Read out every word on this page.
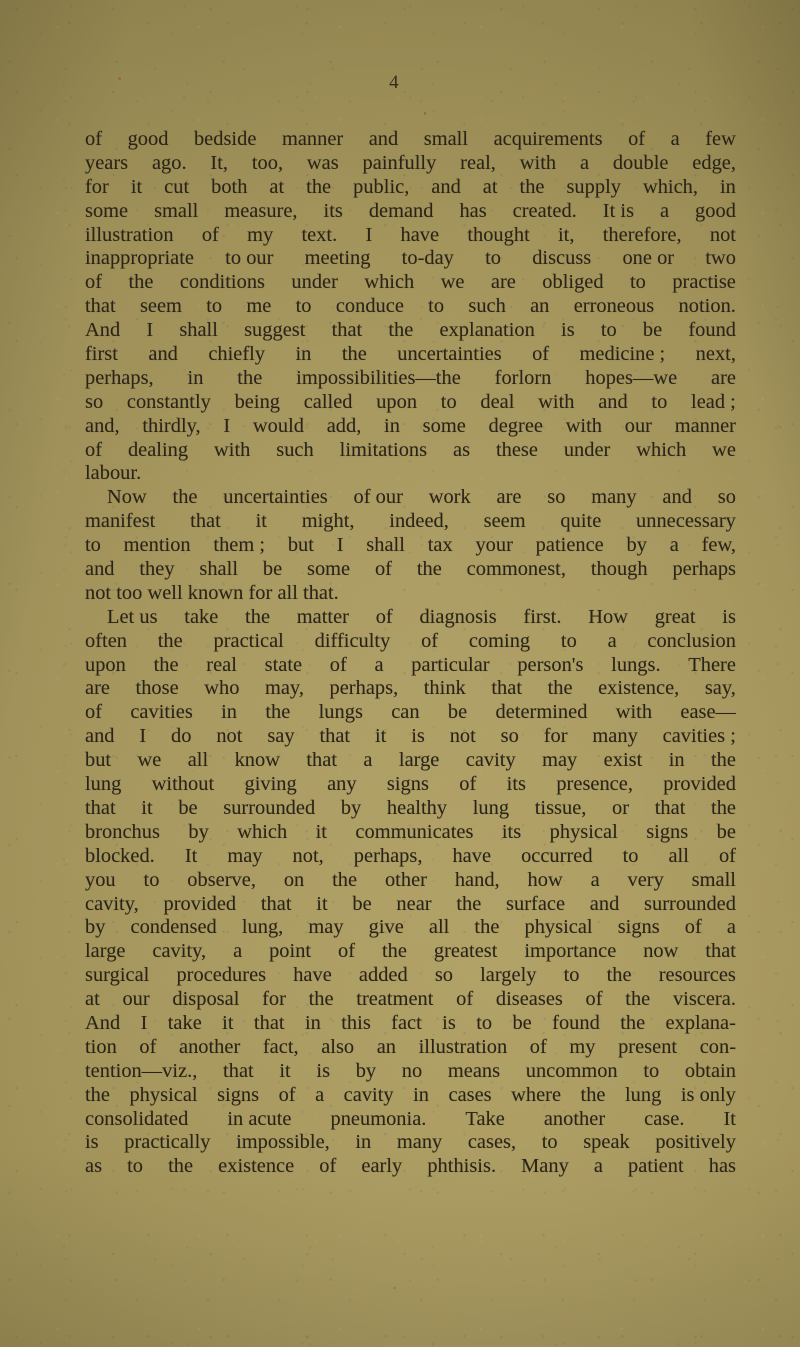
4
of good bedside manner and small acquirements of a few
years ago. It, too, was painfully real, with a double edge,
for it cut both at the public, and at the supply which, in
some small measure, its demand has created. It is a good
illustration of my text. I have thought it, therefore, not
inappropriate to our meeting to-day to discuss one or two
of the conditions under which we are obliged to practise
that seem to me to conduce to such an erroneous notion.
And I shall suggest that the explanation is to be found
first and chiefly in the uncertainties of medicine ; next,
perhaps, in the impossibilities—the forlorn hopes—we are
so constantly being called upon to deal with and to lead ;
and, thirdly, I would add, in some degree with our manner
of dealing with such limitations as these under which we
labour.
Now the uncertainties of our work are so many and so
manifest that it might, indeed, seem quite unnecessary
to mention them ; but I shall tax your patience by a few,
and they shall be some of the commonest, though perhaps
not too well known for all that.
Let us take the matter of diagnosis first. How great is
often the practical difficulty of coming to a conclusion
upon the real state of a particular person's lungs. There
are those who may, perhaps, think that the existence, say,
of cavities in the lungs can be determined with ease—
and I do not say that it is not so for many cavities ;
but we all know that a large cavity may exist in the
lung without giving any signs of its presence, provided
that it be surrounded by healthy lung tissue, or that the
bronchus by which it communicates its physical signs be
blocked. It may not, perhaps, have occurred to all of
you to observe, on the other hand, how a very small
cavity, provided that it be near the surface and surrounded
by condensed lung, may give all the physical signs of a
large cavity, a point of the greatest importance now that
surgical procedures have added so largely to the resources
at our disposal for the treatment of diseases of the viscera.
And I take it that in this fact is to be found the explana-
tion of another fact, also an illustration of my present con-
tention—viz., that it is by no means uncommon to obtain
the physical signs of a cavity in cases where the lung is only
consolidated in acute pneumonia. Take another case. It
is practically impossible, in many cases, to speak positively
as to the existence of early phthisis. Many a patient has
